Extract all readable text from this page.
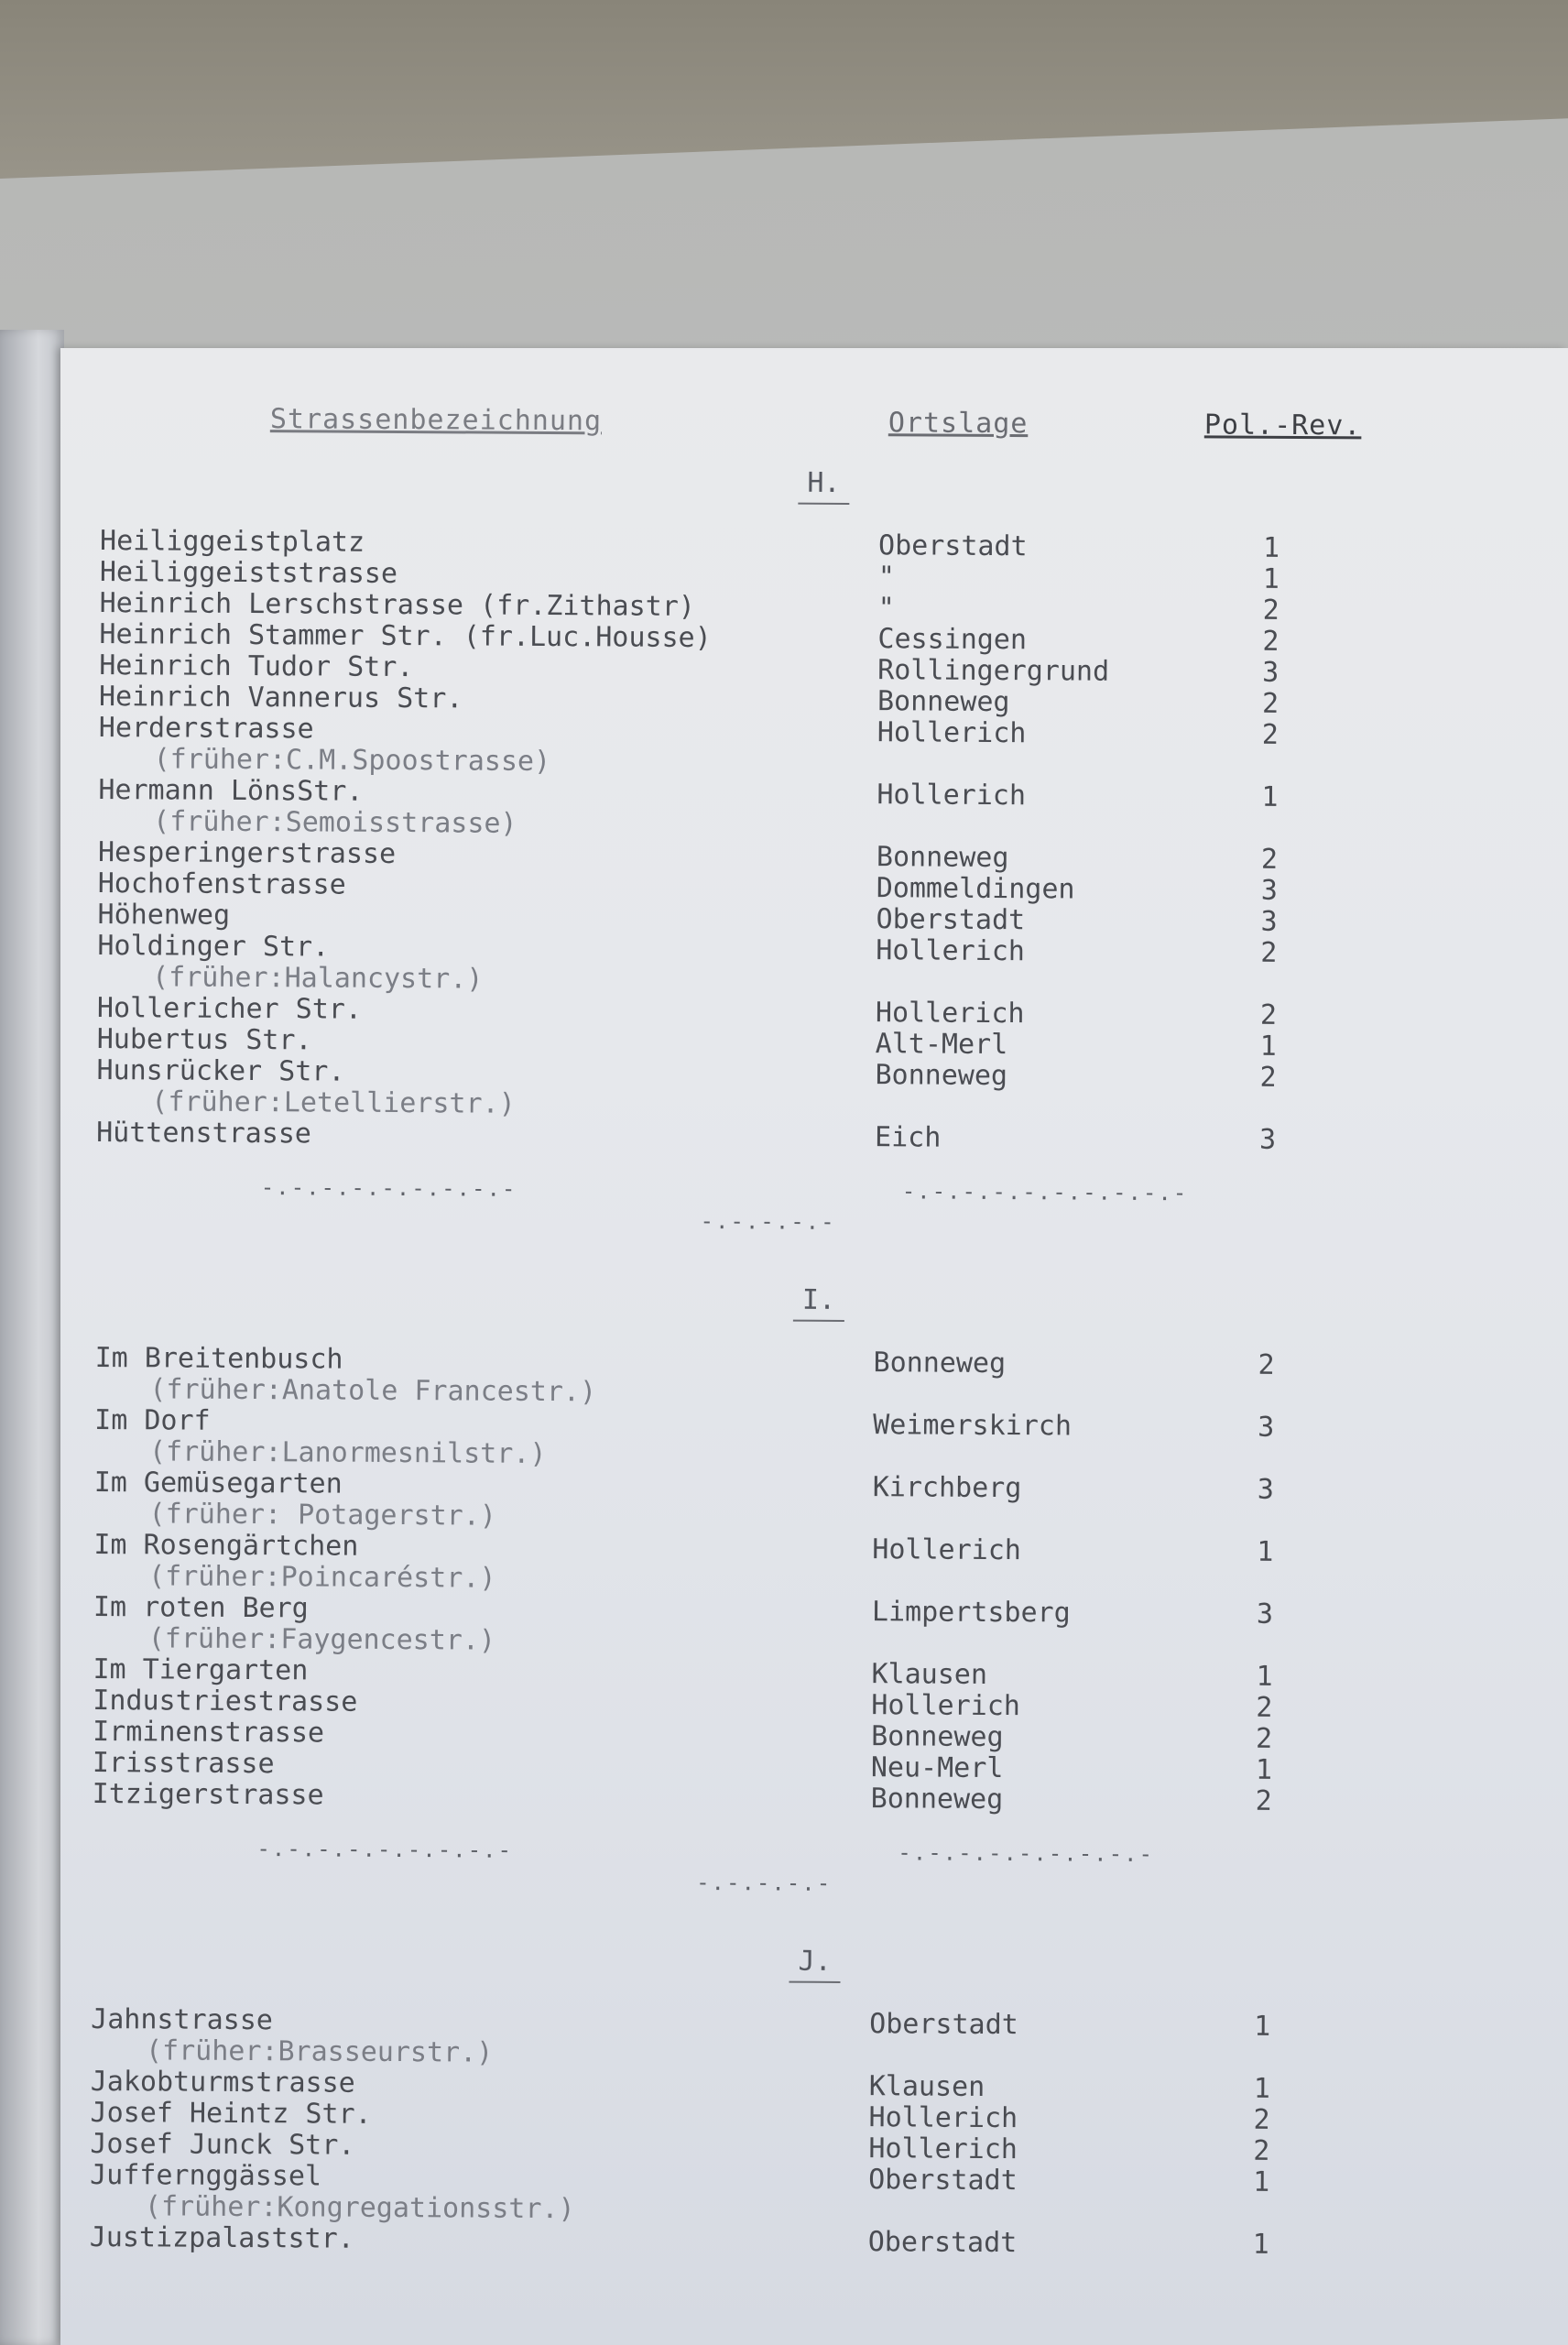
Strassenbezeichnung	Ortslage	Pol.-Rev.
H.
Heiliggeistplatz	Oberstadt	1
Heiliggeiststrasse	"	1
Heinrich Lerschstrasse (fr.Zithastr)	"	2
Heinrich Stammer Str. (fr.Luc.Housse)	Cessingen	2
Heinrich Tudor Str.	Rollingergrund	3
Heinrich Vannerus Str.	Bonneweg	2
Herderstrasse	Hollerich	2
(früher:C.M.Spoostrasse)
Hermann LönsStr.	Hollerich	1
(früher:Semoisstrasse)
Hesperingerstrasse	Bonneweg	2
Hochofenstrasse	Dommeldingen	3
Höhenweg	Oberstadt	3
Holdinger Str.	Hollerich	2
(früher:Halancystr.)
Hollericher Str.	Hollerich	2
Hubertus Str.	Alt-Merl	1
Hunsrücker Str.	Bonneweg	2
(früher:Letellierstr.)
Hüttenstrasse	Eich	3
-.-.-.-.-.-.-.-.-
-.-.-.-.-
-.-.-.-.-.-.-.-.-.-
I.
Im Breitenbusch	Bonneweg	2
(früher:Anatole Francestr.)
Im Dorf	Weimerskirch	3
(früher:Lanormesnilstr.)
Im Gemüsegarten	Kirchberg	3
(früher: Potagerstr.)
Im Rosengärtchen	Hollerich	1
(früher:Poincaréstr.)
Im roten Berg	Limpertsberg	3
(früher:Faygencestr.)
Im Tiergarten	Klausen	1
Industriestrasse	Hollerich	2
Irminenstrasse	Bonneweg	2
Irisstrasse	Neu-Merl	1
Itzigerstrasse	Bonneweg	2
-.-.-.-.-.-.-.-.-
-.-.-.-.-
-.-.-.-.-.-.-.-.-
J.
Jahnstrasse	Oberstadt	1
(früher:Brasseurstr.)
Jakobturmstrasse	Klausen	1
Josef Heintz Str.	Hollerich	2
Josef Junck Str.	Hollerich	2
Juffernggässel	Oberstadt	1
(früher:Kongregationsstr.)
Justizpalaststr.	Oberstadt	1
